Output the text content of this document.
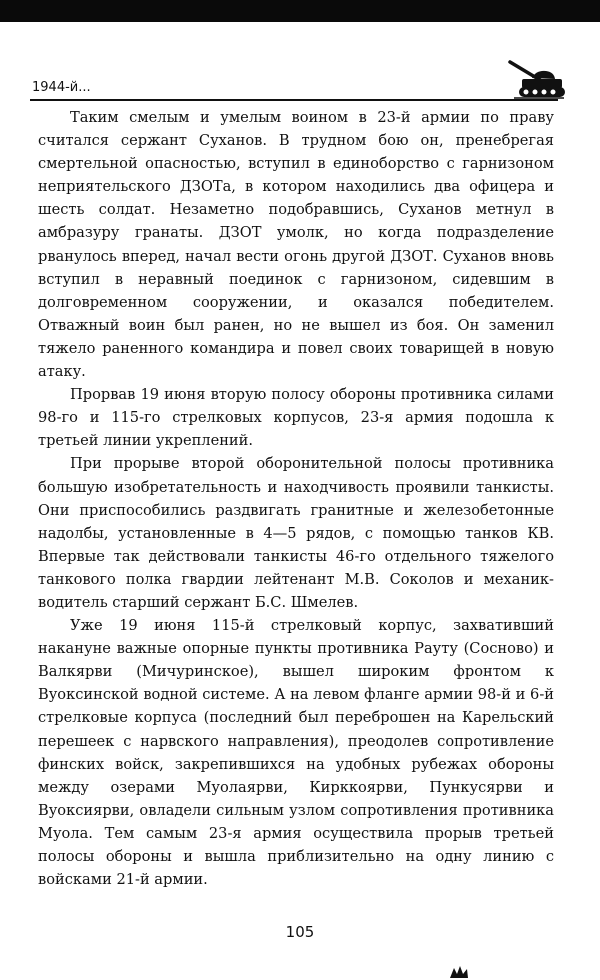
1944-й...

Таким смелым и умелым воином в 23-й армии по праву считался сержант Суханов. В трудном бою он, пренебрегая смертельной опасностью, вступил в единоборство с гарнизоном неприятельского ДЗОТа, в котором находились два офицера и шесть солдат. Незаметно подобравшись, Суханов метнул в амбразуру гранаты. ДЗОТ умолк, но когда подразделение рванулось вперед, начал вести огонь другой ДЗОТ. Суханов вновь вступил в неравный поединок с гарнизоном, сидевшим в долговременном сооружении, и оказался победителем. Отважный воин был ранен, но не вышел из боя. Он заменил тяжело раненного командира и повел своих товарищей в новую атаку.

Прорвав 19 июня вторую полосу обороны противника силами 98-го и 115-го стрелковых корпусов, 23-я армия подошла к третьей линии укреплений.

При прорыве второй оборонительной полосы противника большую изобретательность и находчивость проявили танкисты. Они приспособились раздвигать гранитные и железобетонные надолбы, установленные в 4—5 рядов, с помощью танков КВ. Впервые так действовали танкисты 46-го отдельного тяжелого танкового полка гвардии лейтенант М.В. Соколов и механик-водитель старший сержант Б.С. Шмелев.

Уже 19 июня 115-й стрелковый корпус, захвативший накануне важные опорные пункты противника Рауту (Сосново) и Валкярви (Мичуринское), вышел широким фронтом к Вуоксинской водной системе. А на левом фланге армии 98-й и 6-й стрелковые корпуса (последний был переброшен на Карельский перешеек с нарвского направления), преодолев сопротивление финских войск, закрепившихся на удобных рубежах обороны между озерами Муолаярви, Кирккоярви, Пункусярви и Вуоксиярви, овладели сильным узлом сопротивления противника Муола. Тем самым 23-я армия осуществила прорыв третьей полосы обороны и вышла приблизительно на одну линию с войсками 21-й армии.

105
